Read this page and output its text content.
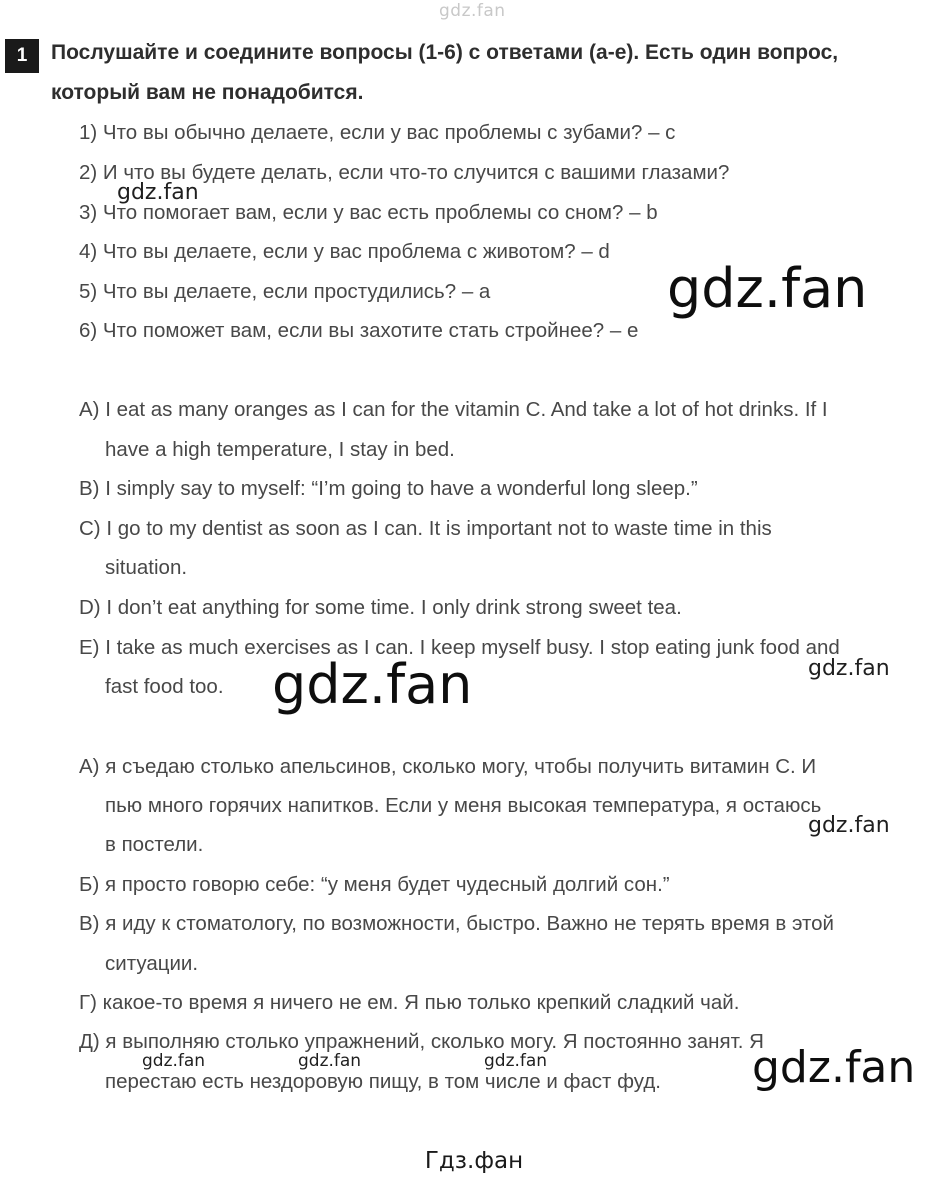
gdz.fan
1	Послушайте и соедините вопросы (1-6) с ответами (a-e). Есть один вопрос,
который вам не понадобится.
1) Что вы обычно делаете, если у вас проблемы с зубами? – c
2) И что вы будете делать, если что-то случится с вашими глазами?
3) Что помогает вам, если у вас есть проблемы со сном? – b
4) Что вы делаете, если у вас проблема с животом? – d
5) Что вы делаете, если простудились? – a
6) Что поможет вам, если вы захотите стать стройнее? – e
A) I eat as many oranges as I can for the vitamin C. And take a lot of hot drinks. If I
have a high temperature, I stay in bed.
B) I simply say to myself: “I’m going to have a wonderful long sleep.”
C) I go to my dentist as soon as I can. It is important not to waste time in this
situation.
D) I don’t eat anything for some time. I only drink strong sweet tea.
E) I take as much exercises as I can. I keep myself busy. I stop eating junk food and
fast food too.
А) я съедаю столько апельсинов, сколько могу, чтобы получить витамин С. И
пью много горячих напитков. Если у меня высокая температура, я остаюсь
в постели.
Б) я просто говорю себе: “у меня будет чудесный долгий сон.”
В) я иду к стоматологу, по возможности, быстро. Важно не терять время в этой
ситуации.
Г) какое-то время я ничего не ем. Я пью только крепкий сладкий чай.
Д) я выполняю столько упражнений, сколько могу. Я постоянно занят. Я
перестаю есть нездоровую пищу, в том числе и фаст фуд.
gdz.fan
gdz.fan
gdz.fan	gdz.fan
gdz.fan
gdz.fan	gdz.fan	gdz.fan	gdz.fan
Гдз.фан
